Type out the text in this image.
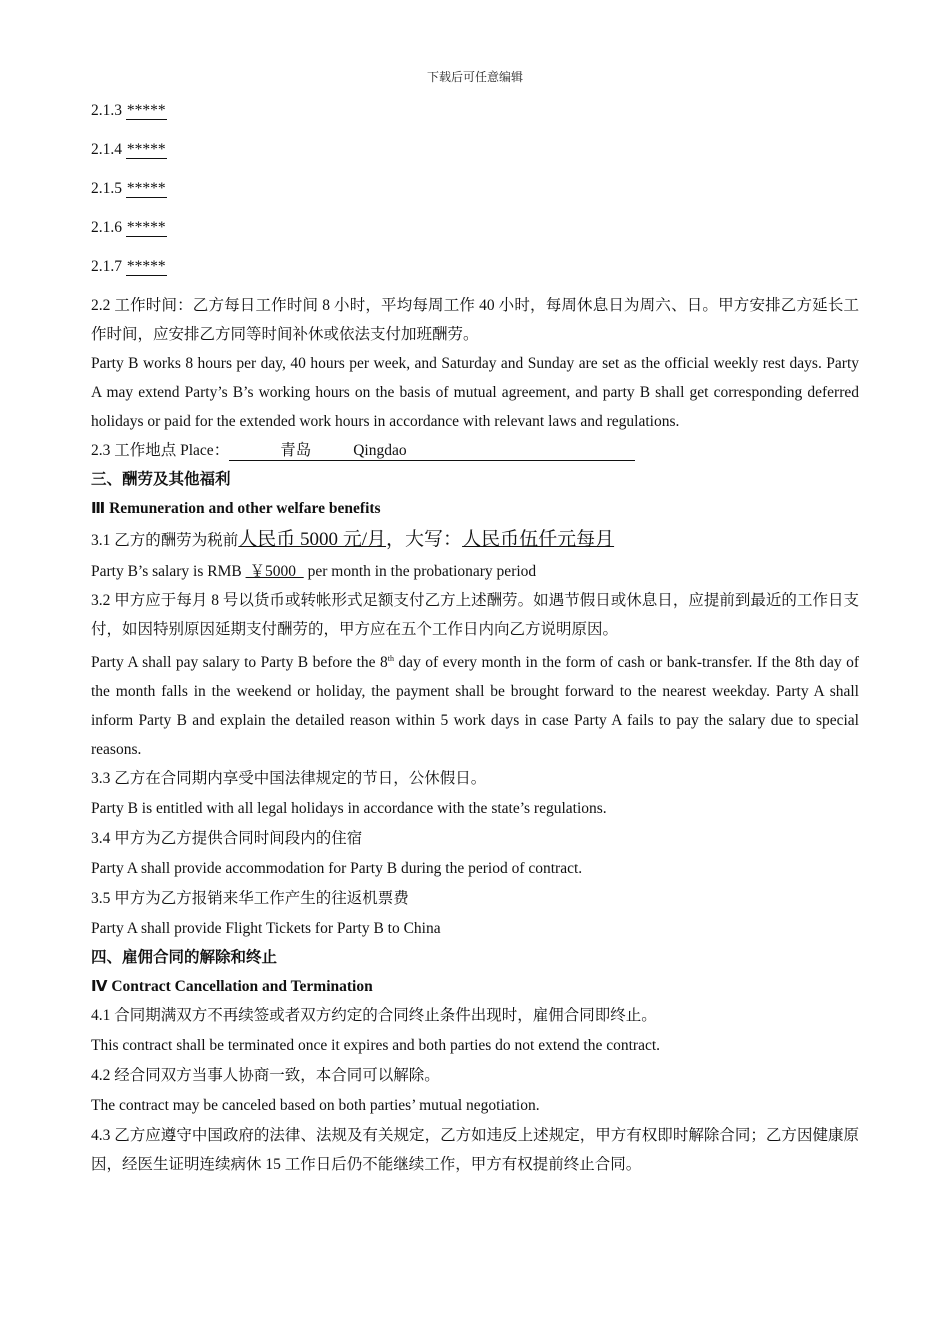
下载后可任意编辑
2.1.3 *****
2.1.4 *****
2.1.5 *****
2.1.6 *****
2.1.7 *****
2.2 工作时间：乙方每日工作时间 8 小时，平均每周工作 40 小时，每周休息日为周六、日。甲方安排乙方延长工作时间，应安排乙方同等时间补休或依法支付加班酬劳。
Party B works 8 hours per day, 40 hours per week, and Saturday and Sunday are set as the official weekly rest days. Party A may extend Party’s B’s working hours on the basis of mutual agreement, and party B shall get corresponding deferred holidays or paid for the extended work hours in accordance with relevant laws and regulations.
2.3 工作地点 Place：	青岛	Qingdao
三、酬劳及其他福利
Ⅲ Remuneration and other welfare benefits
3.1 乙方的酬劳为税前人民币 5000 元/月，大写：人民币伍仟元每月
Party B’s salary is RMB  ￥5000   per month in the probationary period
3.2 甲方应于每月 8 号以货币或转帐形式足额支付乙方上述酬劳。如遇节假日或休息日，应提前到最近的工作日支付，如因特别原因延期支付酬劳的，甲方应在五个工作日内向乙方说明原因。
Party A shall pay salary to Party B before the 8th day of every month in the form of cash or bank-transfer. If the 8th day of the month falls in the weekend or holiday, the payment shall be brought forward to the nearest weekday. Party A shall inform Party B and explain the detailed reason within 5 work days in case Party A fails to pay the salary due to special reasons.
3.3 乙方在合同期内享受中国法律规定的节日，公休假日。
Party B is entitled with all legal holidays in accordance with the state’s regulations.
3.4 甲方为乙方提供合同时间段内的住宿
Party A shall provide accommodation for Party B during the period of contract.
3.5 甲方为乙方报销来华工作产生的往返机票费
Party A shall provide Flight Tickets for Party B to China
四、雇佣合同的解除和终止
Ⅳ Contract Cancellation and Termination
4.1 合同期满双方不再续签或者双方约定的合同终止条件出现时，雇佣合同即终止。
This contract shall be terminated once it expires and both parties do not extend the contract.
4.2 经合同双方当事人协商一致，本合同可以解除。
The contract may be canceled based on both parties’ mutual negotiation.
4.3 乙方应遵守中国政府的法律、法规及有关规定，乙方如违反上述规定，甲方有权即时解除合同；乙方因健康原因，经医生证明连续病休 15 工作日后仍不能继续工作，甲方有权提前终止合同。
